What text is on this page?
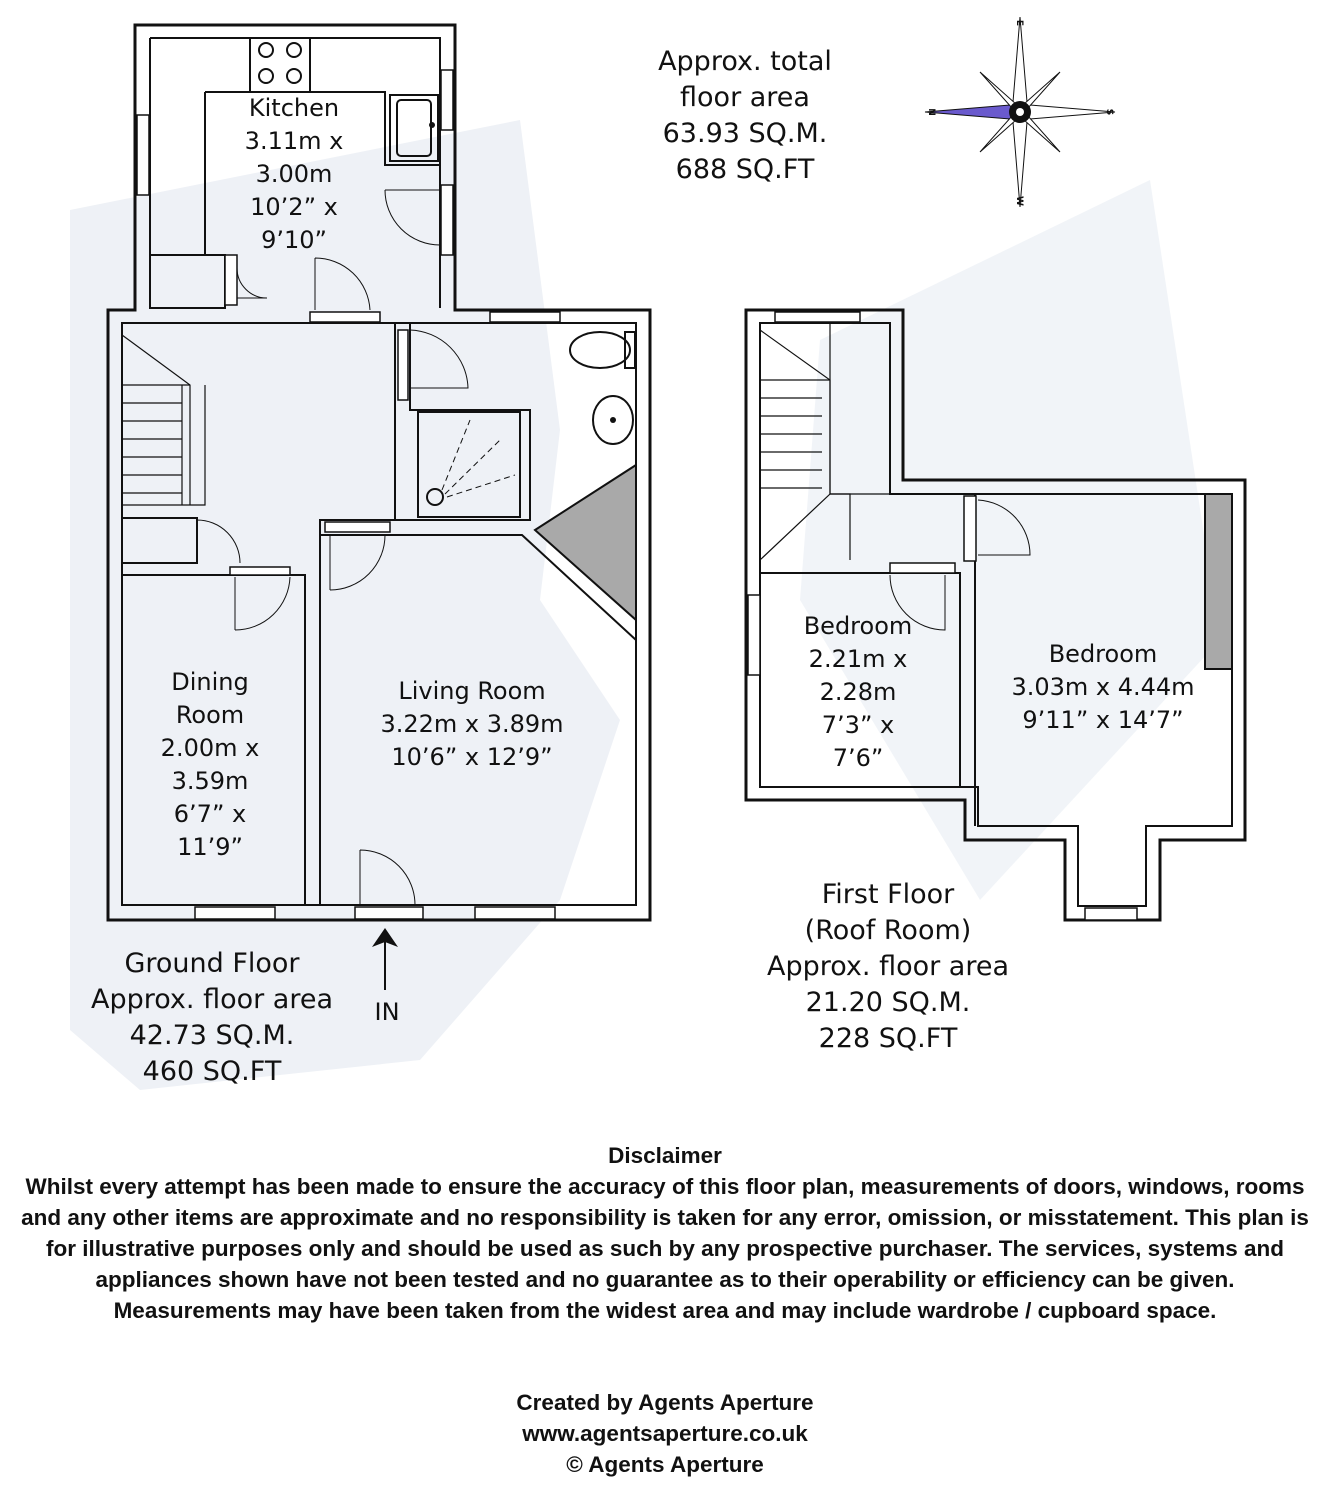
E
N	S
W
Approx. total
floor area
63.93 SQ.M.
688 SQ.FT
Kitchen
3.11m x
3.00m
10’2” x
9’10”
Dining
Room
2.00m x
3.59m
6’7” x
11’9”
Living Room
3.22m x 3.89m
10’6” x 12’9”
Bedroom
2.21m x
2.28m
7’3” x
7’6”
Bedroom
3.03m x 4.44m
9’11” x 14’7”
IN
Ground Floor
Approx. floor area
42.73 SQ.M.
460 SQ.FT
First Floor
(Roof Room)
Approx. floor area
21.20 SQ.M.
228 SQ.FT
Disclaimer
Whilst every attempt has been made to ensure the accuracy of this floor plan, measurements of doors, windows, rooms and any other items are approximate and no responsibility is taken for any error, omission, or misstatement. This plan is for illustrative purposes only and should be used as such by any prospective purchaser. The services, systems and appliances shown have not been tested and no guarantee as to their operability or efficiency can be given. Measurements may have been taken from the widest area and may include wardrobe / cupboard space.
Created by Agents Aperture
www.agentsaperture.co.uk
© Agents Aperture
